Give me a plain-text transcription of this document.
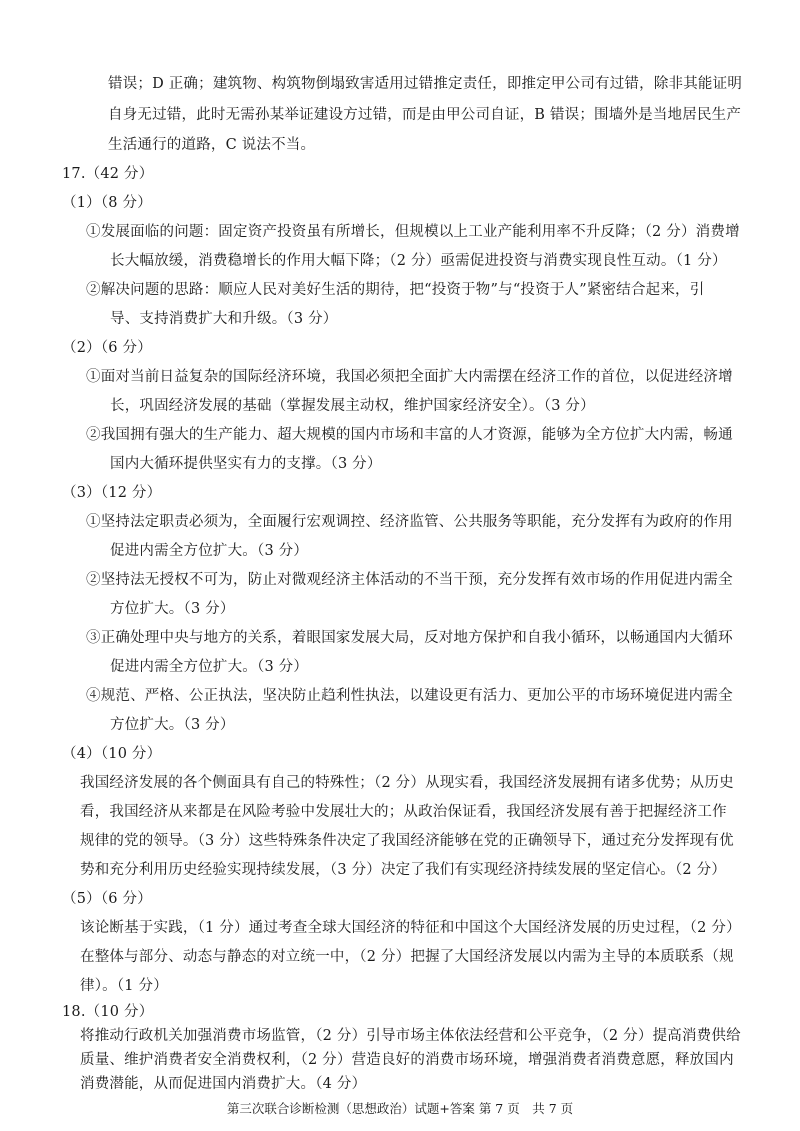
错误；D 正确；建筑物、构筑物倒塌致害适用过错推定责任，即推定甲公司有过错，除非其能证明
自身无过错，此时无需孙某举证建设方过错，而是由甲公司自证，B 错误；围墙外是当地居民生产
生活通行的道路，C 说法不当。
17.（42 分）
（1）（8 分）
①发展面临的问题：固定资产投资虽有所增长，但规模以上工业产能利用率不升反降；（2 分）消费增
长大幅放缓，消费稳增长的作用大幅下降；（2 分）亟需促进投资与消费实现良性互动。（1 分）
②解决问题的思路：顺应人民对美好生活的期待，把“投资于物”与“投资于人”紧密结合起来，引
导、支持消费扩大和升级。（3 分）
（2）（6 分）
①面对当前日益复杂的国际经济环境，我国必须把全面扩大内需摆在经济工作的首位，以促进经济增
长，巩固经济发展的基础（掌握发展主动权，维护国家经济安全）。（3 分）
②我国拥有强大的生产能力、超大规模的国内市场和丰富的人才资源，能够为全方位扩大内需，畅通
国内大循环提供坚实有力的支撑。（3 分）
（3）（12 分）
①坚持法定职责必须为，全面履行宏观调控、经济监管、公共服务等职能，充分发挥有为政府的作用
促进内需全方位扩大。（3 分）
②坚持法无授权不可为，防止对微观经济主体活动的不当干预，充分发挥有效市场的作用促进内需全
方位扩大。（3 分）
③正确处理中央与地方的关系，着眼国家发展大局，反对地方保护和自我小循环，以畅通国内大循环
促进内需全方位扩大。（3 分）
④规范、严格、公正执法，坚决防止趋利性执法，以建设更有活力、更加公平的市场环境促进内需全
方位扩大。（3 分）
（4）（10 分）
我国经济发展的各个侧面具有自己的特殊性；（2 分）从现实看，我国经济发展拥有诸多优势；从历史
看，我国经济从来都是在风险考验中发展壮大的；从政治保证看，我国经济发展有善于把握经济工作
规律的党的领导。（3 分）这些特殊条件决定了我国经济能够在党的正确领导下，通过充分发挥现有优
势和充分利用历史经验实现持续发展，（3 分）决定了我们有实现经济持续发展的坚定信心。（2 分）
（5）（6 分）
该论断基于实践，（1 分）通过考查全球大国经济的特征和中国这个大国经济发展的历史过程，（2 分）
在整体与部分、动态与静态的对立统一中，（2 分）把握了大国经济发展以内需为主导的本质联系（规
律）。（1 分）
第三次联合诊断检测（思想政治）试题+答案 第 7 页　共 7 页
18.（10 分）
将推动行政机关加强消费市场监管，（2 分）引导市场主体依法经营和公平竞争，（2 分）提高消费供给
质量、维护消费者安全消费权利，（2 分）营造良好的消费市场环境，增强消费者消费意愿，释放国内
消费潜能，从而促进国内消费扩大。（4 分）
